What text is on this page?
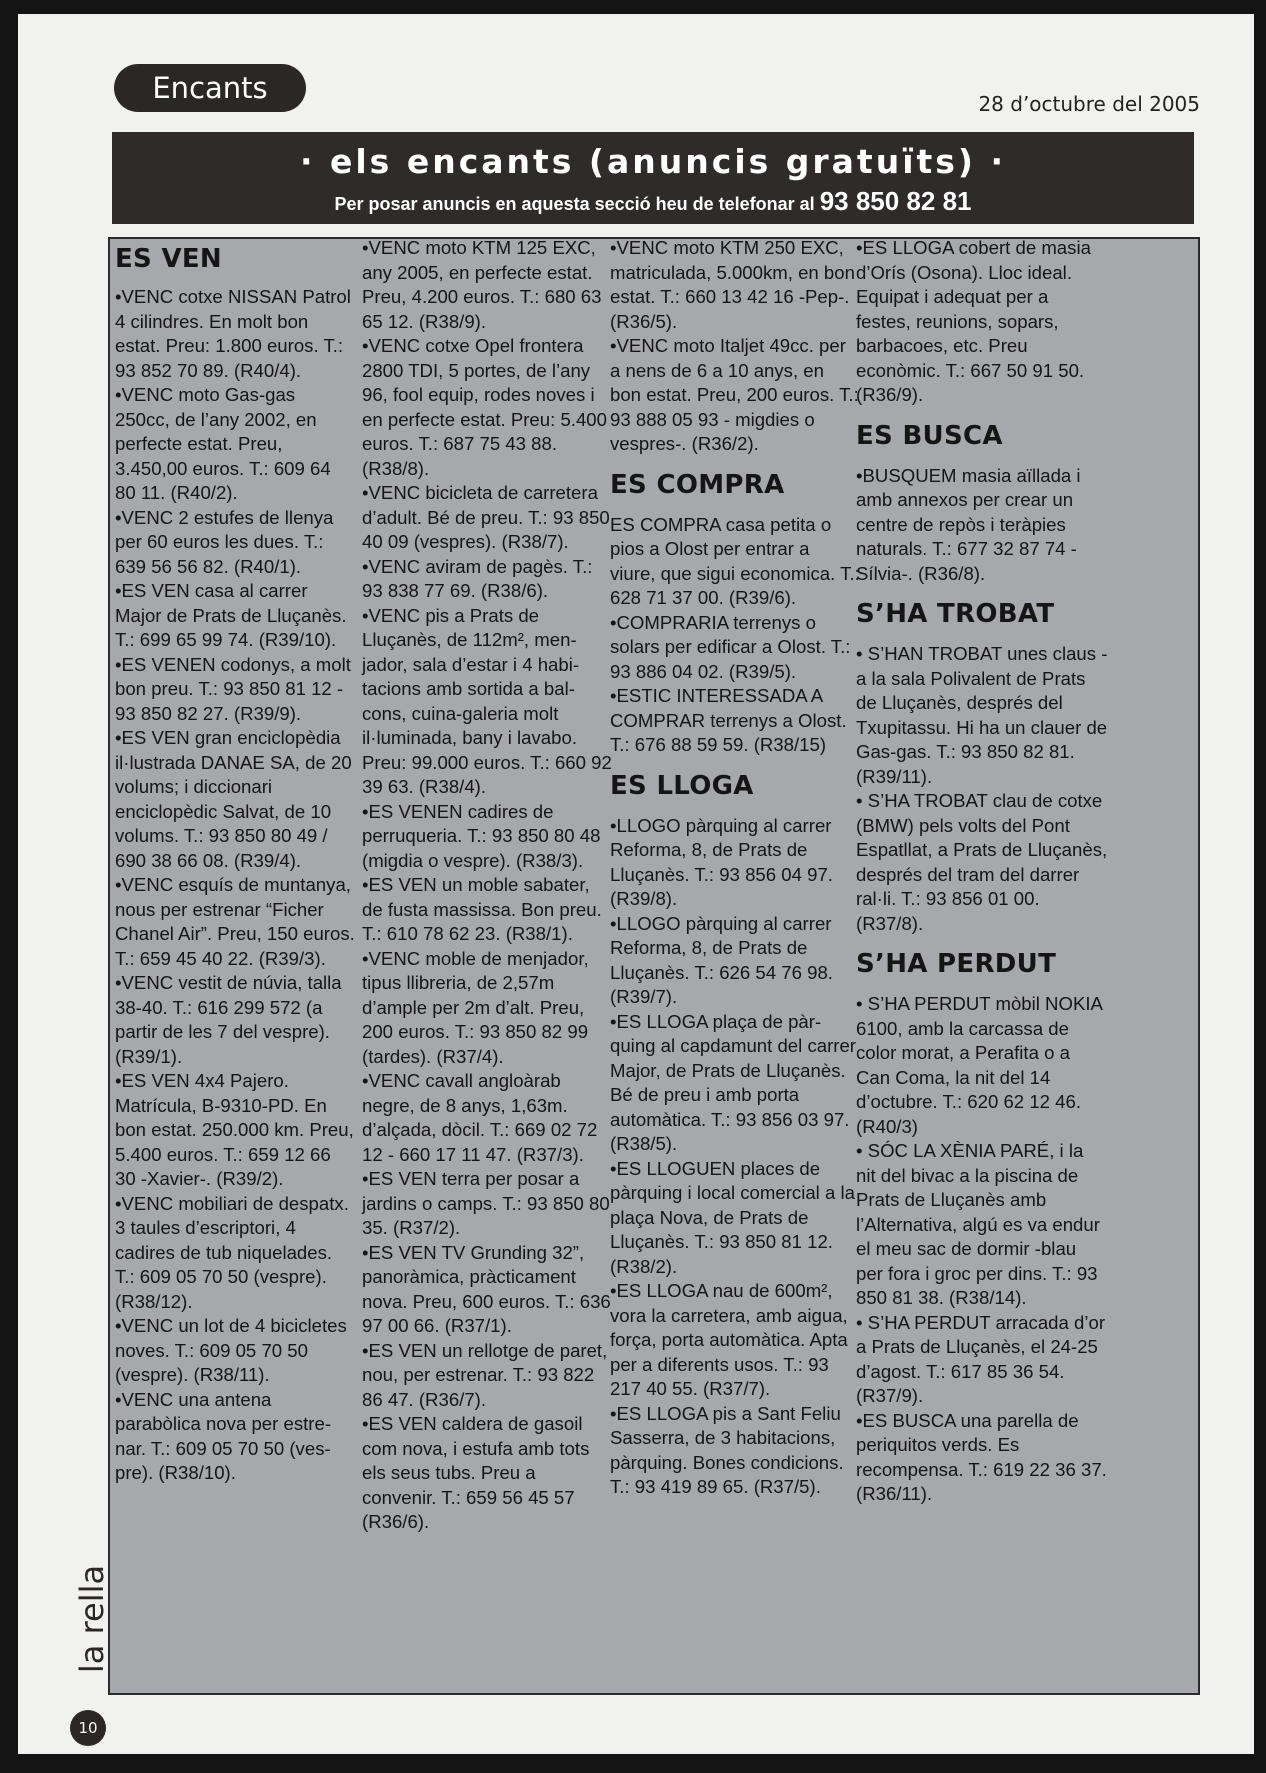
Encants	28 d’octubre del 2005
· els encants (anuncis gratuïts) ·
Per posar anuncis en aquesta secció heu de telefonar al 93 850 82 81
ES VEN

•VENC cotxe NISSAN Patrol 4 cilindres. En molt bon estat. Preu: 1.800 euros. T.: 93 852 70 89. (R40/4).

•VENC moto Gas-gas 250cc, de l’any 2002, en perfecte estat. Preu, 3.450,00 euros. T.: 609 64 80 11. (R40/2).

•VENC 2 estufes de llenya per 60 euros les dues. T.: 639 56 56 82. (R40/1).

•ES VEN casa al carrer Major de Prats de Lluçanès. T.: 699 65 99 74. (R39/10).

•ES VENEN codonys, a molt bon preu. T.: 93 850 81 12 - 93 850 82 27. (R39/9).

•ES VEN gran enciclopèdia il·lustrada DANAE SA, de 20 volums; i diccionari enciclopèdic Salvat, de 10 volums. T.: 93 850 80 49 / 690 38 66 08. (R39/4).

•VENC esquís de muntanya, nous per estrenar “Ficher Chanel Air”. Preu, 150 euros. T.: 659 45 40 22. (R39/3).

•VENC vestit de núvia, talla 38-40. T.: 616 299 572 (a partir de les 7 del vespre). (R39/1).

•ES VEN 4x4 Pajero. Matrícula, B-9310-PD. En bon estat. 250.000 km. Preu, 5.400 euros. T.: 659 12 66 30 -Xavier-. (R39/2).

•VENC mobiliari de despatx. 3 taules d’escriptori, 4 cadires de tub niquelades. T.: 609 05 70 50 (vespre). (R38/12).

•VENC un lot de 4 bicicletes noves. T.: 609 05 70 50 (vespre). (R38/11).

•VENC una antena parabòlica nova per estrenar. T.: 609 05 70 50 (vespre). (R38/10).

•VENC moto KTM 125 EXC, any 2005, en perfecte estat. Preu, 4.200 euros. T.: 680 63 65 12. (R38/9).

•VENC cotxe Opel frontera 2800 TDI, 5 portes, de l’any 96, fool equip, rodes noves i en perfecte estat. Preu: 5.400 euros. T.: 687 75 43 88. (R38/8).

•VENC bicicleta de carretera d’adult. Bé de preu. T.: 93 850 40 09 (vespres). (R38/7).

•VENC aviram de pagès. T.: 93 838 77 69. (R38/6).

•VENC pis a Prats de Lluçanès, de 112m², menjador, sala d’estar i 4 habitacions amb sortida a balcons, cuina-galeria molt il·luminada, bany i lavabo. Preu: 99.000 euros. T.: 660 92 39 63. (R38/4).

•ES VENEN cadires de perruqueria. T.: 93 850 80 48 (migdia o vespre). (R38/3).

•ES VEN un moble sabater, de fusta massissa. Bon preu. T.: 610 78 62 23. (R38/1).

•VENC moble de menjador, tipus llibreria, de 2,57m d’ample per 2m d’alt. Preu, 200 euros. T.: 93 850 82 99 (tardes). (R37/4).

•VENC cavall angloàrab negre, de 8 anys, 1,63m. d’alçada, dòcil. T.: 669 02 72 12 - 660 17 11 47. (R37/3).

•ES VEN terra per posar a jardins o camps. T.: 93 850 80 35. (R37/2).

•ES VEN TV Grunding 32”, panoràmica, pràcticament nova. Preu, 600 euros. T.: 636 97 00 66. (R37/1).

•ES VEN un rellotge de paret, nou, per estrenar. T.: 93 822 86 47. (R36/7).

•ES VEN caldera de gasoil com nova, i estufa amb tots els seus tubs. Preu a convenir. T.: 659 56 45 57 (R36/6).

•VENC moto KTM 250 EXC, matriculada, 5.000km, en bon estat. T.: 660 13 42 16 -Pep-. (R36/5).

•VENC moto Italjet 49cc. per a nens de 6 a 10 anys, en bon estat. Preu, 200 euros. T.: 93 888 05 93 - migdies o vespres-. (R36/2).

ES COMPRA

ES COMPRA casa petita o pios a Olost per entrar a viure, que sigui economica. T.: 628 71 37 00. (R39/6).

•COMPRARIA terrenys o solars per edificar a Olost. T.: 93 886 04 02. (R39/5).

•ESTIC INTERESSADA A COMPRAR terrenys a Olost. T.: 676 88 59 59. (R38/15)

ES LLOGA

•LLOGO pàrquing al carrer Reforma, 8, de Prats de Lluçanès. T.: 93 856 04 97. (R39/8).

•LLOGO pàrquing al carrer Reforma, 8, de Prats de Lluçanès. T.: 626 54 76 98. (R39/7).

•ES LLOGA plaça de pàrquing al capdamunt del carrer Major, de Prats de Lluçanès. Bé de preu i amb porta automàtica. T.: 93 856 03 97. (R38/5).

•ES LLOGUEN places de pàrquing i local comercial a la plaça Nova, de Prats de Lluçanès. T.: 93 850 81 12. (R38/2).

•ES LLOGA nau de 600m², vora la carretera, amb aigua, força, porta automàtica. Apta per a diferents usos. T.: 93 217 40 55. (R37/7).

•ES LLOGA pis a Sant Feliu Sasserra, de 3 habitacions, pàrquing. Bones condicions. T.: 93 419 89 65. (R37/5).

•ES LLOGA cobert de masia d’Orís (Osona). Lloc ideal. Equipat i adequat per a festes, reunions, sopars, barbacoes, etc. Preu econòmic. T.: 667 50 91 50. (R36/9).

ES BUSCA

•BUSQUEM masia aïllada i amb annexos per crear un centre de repòs i teràpies naturals. T.: 677 32 87 74 -Sílvia-. (R36/8).

S’HA TROBAT

• S’HAN TROBAT unes claus -a la sala Polivalent de Prats de Lluçanès, després del Txupitassu. Hi ha un clauer de Gas-gas. T.: 93 850 82 81. (R39/11).

• S’HA TROBAT clau de cotxe (BMW) pels volts del Pont Espatllat, a Prats de Lluçanès, després del tram del darrer ral·li. T.: 93 856 01 00. (R37/8).

S’HA PERDUT

• S’HA PERDUT mòbil NOKIA 6100, amb la carcassa de color morat, a Perafita o a Can Coma, la nit del 14 d’octubre. T.: 620 62 12 46. (R40/3)

• SÓC LA XÈNIA PARÉ, i la nit del bivac a la piscina de Prats de Lluçanès amb l’Alternativa, algú es va endur el meu sac de dormir -blau per fora i groc per dins. T.: 93 850 81 38. (R38/14).

• S’HA PERDUT arracada d’or a Prats de Lluçanès, el 24-25 d’agost. T.: 617 85 36 54. (R37/9).

•ES BUSCA una parella de periquitos verds. Es recompensa. T.: 619 22 36 37. (R36/11).

la rella
10
